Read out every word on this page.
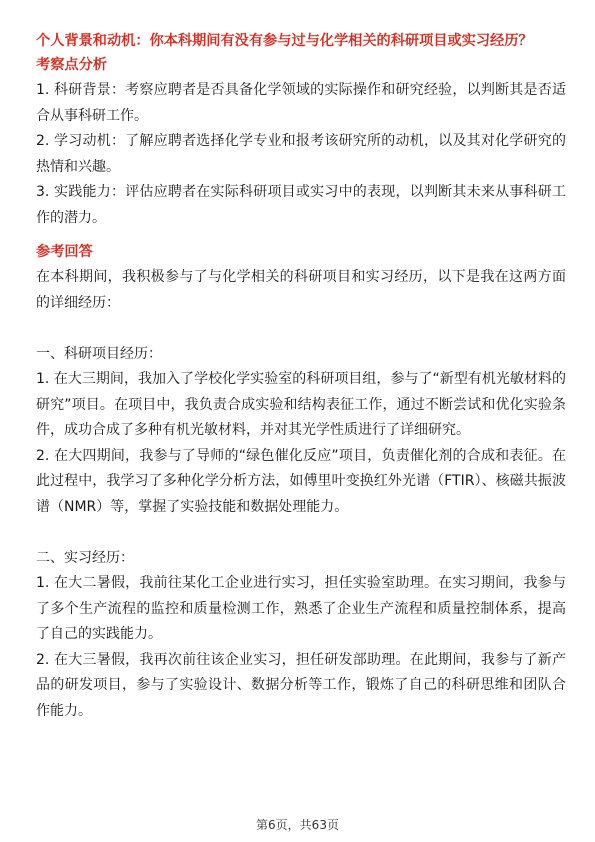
个人背景和动机：你本科期间有没有参与过与化学相关的科研项目或实习经历？

考察点分析

1. 科研背景：考察应聘者是否具备化学领域的实际操作和研究经验，以判断其是否适合从事科研工作。

2. 学习动机：了解应聘者选择化学专业和报考该研究所的动机，以及其对化学研究的热情和兴趣。

3. 实践能力：评估应聘者在实际科研项目或实习中的表现，以判断其未来从事科研工作的潜力。

参考回答

在本科期间，我积极参与了与化学相关的科研项目和实习经历，以下是我在这两方面的详细经历：

一、科研项目经历：

1. 在大三期间，我加入了学校化学实验室的科研项目组，参与了“新型有机光敏材料的研究”项目。在项目中，我负责合成实验和结构表征工作，通过不断尝试和优化实验条件，成功合成了多种有机光敏材料，并对其光学性质进行了详细研究。

2. 在大四期间，我参与了导师的“绿色催化反应”项目，负责催化剂的合成和表征。在此过程中，我学习了多种化学分析方法，如傅里叶变换红外光谱（FTIR）、核磁共振波谱（NMR）等，掌握了实验技能和数据处理能力。

二、实习经历：

1. 在大二暑假，我前往某化工企业进行实习，担任实验室助理。在实习期间，我参与了多个生产流程的监控和质量检测工作，熟悉了企业生产流程和质量控制体系，提高了自己的实践能力。

2. 在大三暑假，我再次前往该企业实习，担任研发部助理。在此期间，我参与了新产品的研发项目，参与了实验设计、数据分析等工作，锻炼了自己的科研思维和团队合作能力。

第6页，共63页
